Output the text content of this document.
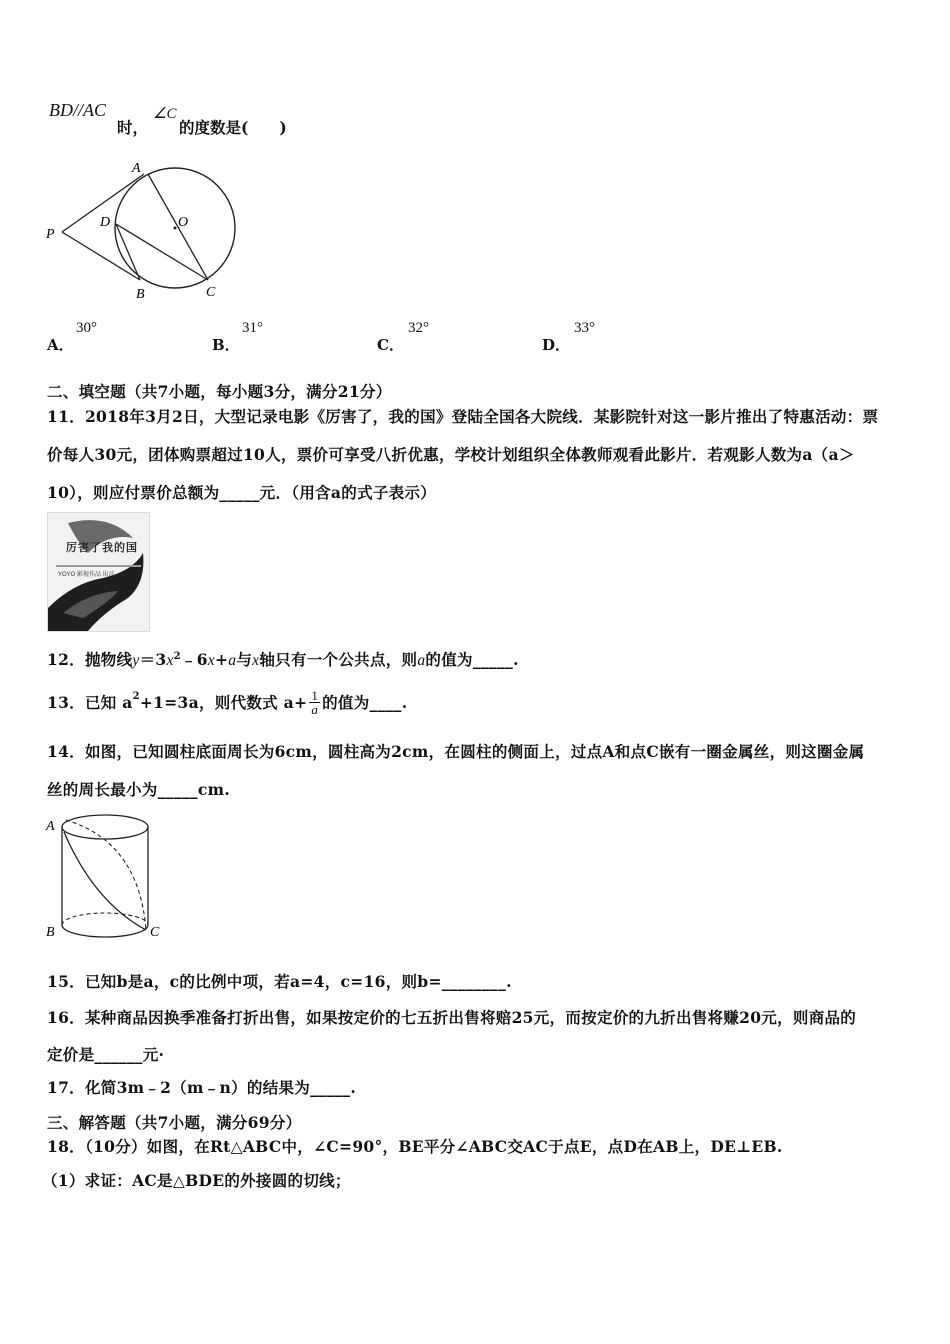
BD//AC
时，
∠C
的度数是(　　)
A
O
P
D
B	C
A．
30°
B．
31°
C．
32°
D．
33°
二、填空题（共7小题，每小题3分，满分21分）
11．2018年3月2日，大型记录电影《厉害了，我的国》登陆全国各大院线．某影院针对这一影片推出了特惠活动：票
价每人30元，团体购票超过10人，票价可享受八折优惠，学校计划组织全体教师观看此影片．若观影人数为a（a＞
10），则应付票价总额为_____元．（用含a的式子表示）
厉害了我的国
YOYO 影视作品 出品
12．抛物线$y=3x^2﹣6x+a$与x轴只有一个公共点，则a的值为_____.
13．已知 $a^2 +1=3a$，则代数式 $a+ \frac{1}{a}$ 的值为____.
14．如图，已知圆柱底面周长为6cm，圆柱高为2cm，在圆柱的侧面上，过点A和点C嵌有一圈金属丝，则这圈金属
丝的周长最小为_____cm.
A
B	C
15．已知b是a，c的比例中项，若a=4，c=16，则b=________.
16．某种商品因换季准备打折出售，如果按定价的七五折出售将赔25元，而按定价的九折出售将赚20元，则商品的
定价是______元·
17．化简3m﹣2（m﹣n）的结果为_____.
三、解答题（共7小题，满分69分）
18．（10分）如图，在Rt△ABC中，∠C=90°，BE平分∠ABC交AC于点E，点D在AB上，DE⊥EB.
（1）求证：AC是△BDE的外接圆的切线；
